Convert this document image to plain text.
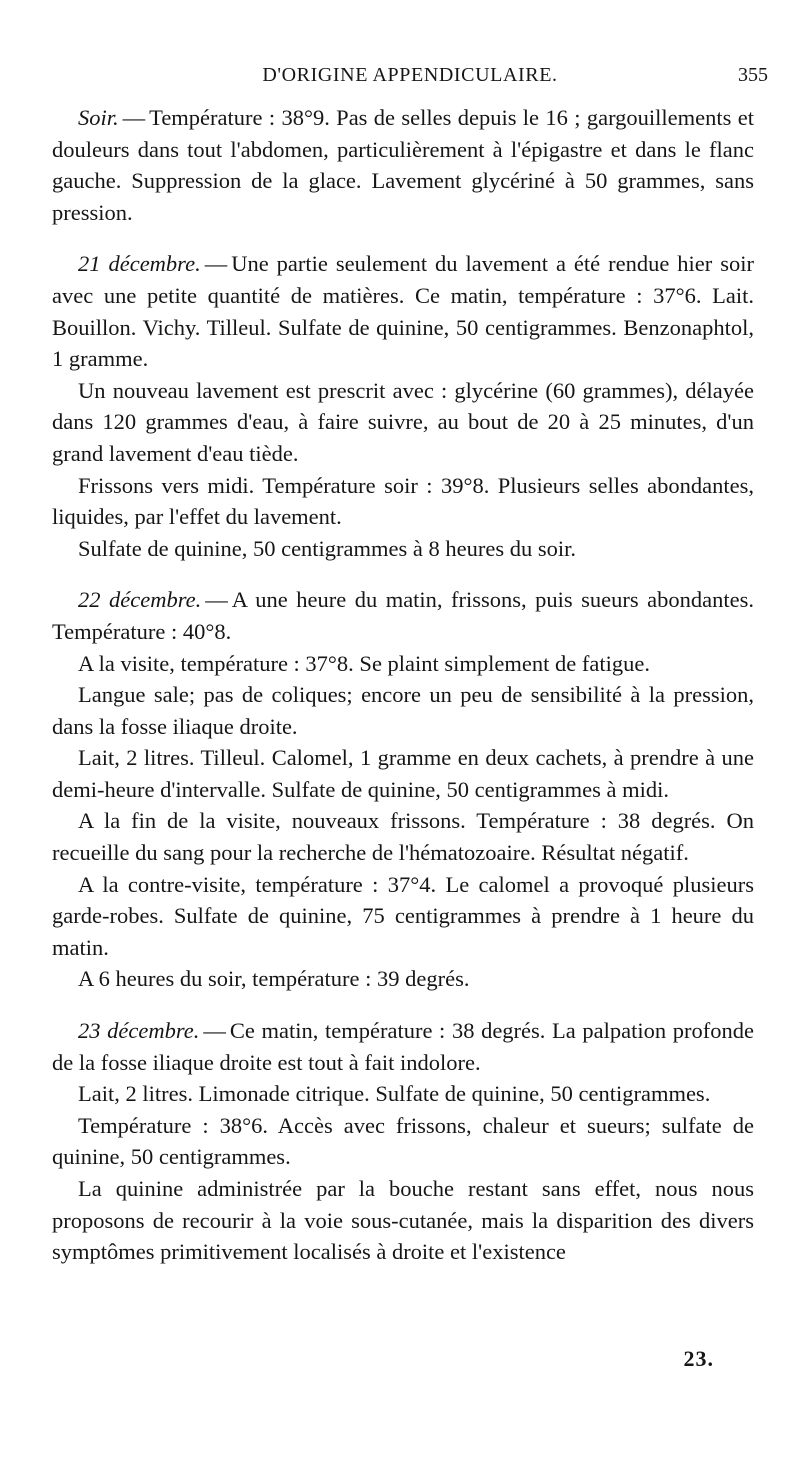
D'ORIGINE APPENDICULAIRE.	355

Soir. — Température : 38°9. Pas de selles depuis le 16 ; gargouillements et douleurs dans tout l'abdomen, particulièrement à l'épigastre et dans le flanc gauche. Suppression de la glace. Lavement glycériné à 50 grammes, sans pression.

21 décembre. — Une partie seulement du lavement a été rendue hier soir avec une petite quantité de matières. Ce matin, température : 37°6. Lait. Bouillon. Vichy. Tilleul. Sulfate de quinine, 50 centigrammes. Benzonaphtol, 1 gramme.

Un nouveau lavement est prescrit avec : glycérine (60 grammes), délayée dans 120 grammes d'eau, à faire suivre, au bout de 20 à 25 minutes, d'un grand lavement d'eau tiède.

Frissons vers midi. Température soir : 39°8. Plusieurs selles abondantes, liquides, par l'effet du lavement.

Sulfate de quinine, 50 centigrammes à 8 heures du soir.

22 décembre. — A une heure du matin, frissons, puis sueurs abondantes. Température : 40°8.

A la visite, température : 37°8. Se plaint simplement de fatigue.

Langue sale; pas de coliques; encore un peu de sensibilité à la pression, dans la fosse iliaque droite.

Lait, 2 litres. Tilleul. Calomel, 1 gramme en deux cachets, à prendre à une demi-heure d'intervalle. Sulfate de quinine, 50 centigrammes à midi.

A la fin de la visite, nouveaux frissons. Température : 38 degrés. On recueille du sang pour la recherche de l'hématozoaire. Résultat négatif.

A la contre-visite, température : 37°4. Le calomel a provoqué plusieurs garde-robes. Sulfate de quinine, 75 centigrammes à prendre à 1 heure du matin.

A 6 heures du soir, température : 39 degrés.

23 décembre. — Ce matin, température : 38 degrés. La palpation profonde de la fosse iliaque droite est tout à fait indolore.

Lait, 2 litres. Limonade citrique. Sulfate de quinine, 50 centigrammes.

Température : 38°6. Accès avec frissons, chaleur et sueurs; sulfate de quinine, 50 centigrammes.

La quinine administrée par la bouche restant sans effet, nous nous proposons de recourir à la voie sous-cutanée, mais la disparition des divers symptômes primitivement localisés à droite et l'existence

23.
